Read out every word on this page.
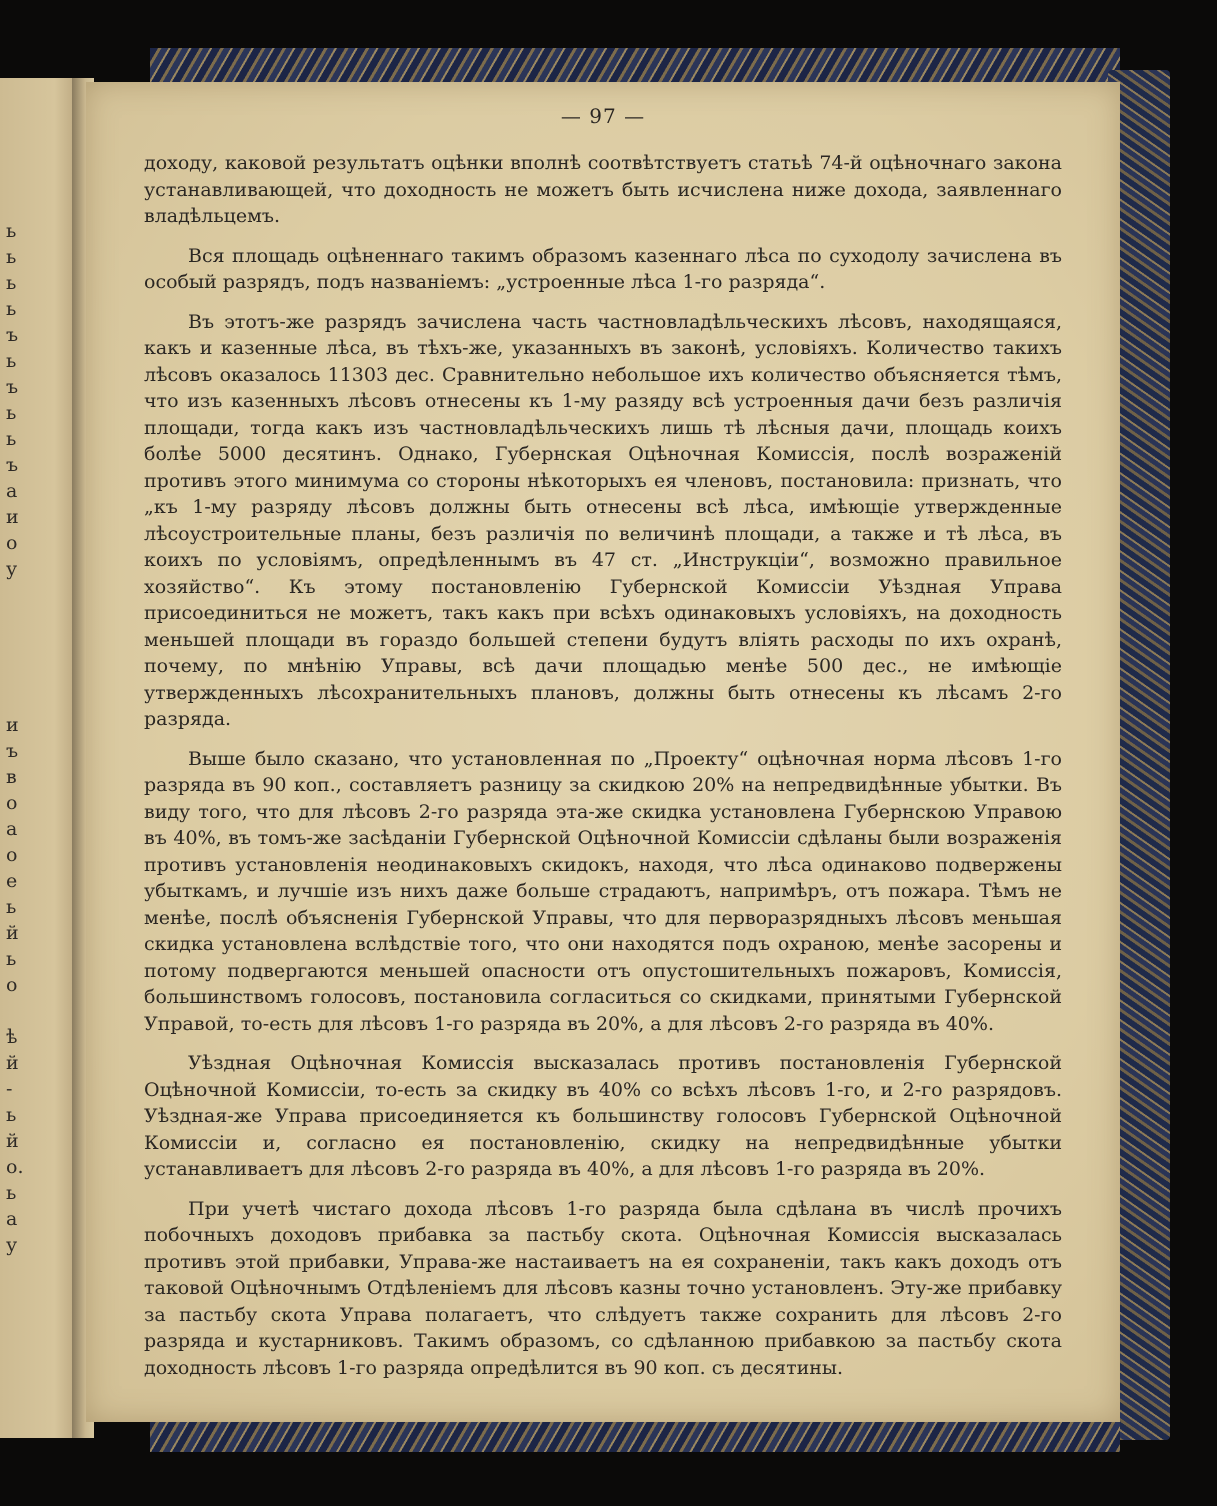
ь
ь
ь
ь
ъ
ь
ъ
ь
ь
ъ
а
и
о
у

и
ъ
в
о
а
о
е
ь
й
ь
о

ѣ
й
-
ь
й
о.
ь
а
у
— 97 —

доходу, каковой результатъ оцѣнки вполнѣ соотвѣтствуетъ статьѣ 74-й оцѣночнаго закона устанавливающей, что доходность не можетъ быть исчислена ниже дохода, заявленнаго владѣльцемъ.

Вся площадь оцѣненнаго такимъ образомъ казеннаго лѣса по суходолу зачислена въ особый разрядъ, подъ названіемъ: „устроенные лѣса 1-го разряда“.

Въ этотъ-же разрядъ зачислена часть частновладѣльческихъ лѣсовъ, находящаяся, какъ и казенные лѣса, въ тѣхъ-же, указанныхъ въ законѣ, условіяхъ. Количество такихъ лѣсовъ оказалось 11303 дес. Сравнительно небольшое ихъ количество объясняется тѣмъ, что изъ казенныхъ лѣсовъ отнесены къ 1-му разяду всѣ устроенныя дачи безъ различія площади, тогда какъ изъ частновладѣльческихъ лишь тѣ лѣсныя дачи, площадь коихъ болѣе 5000 десятинъ. Однако, Губернская Оцѣночная Комиссія, послѣ возраженій противъ этого минимума со стороны нѣкоторыхъ ея членовъ, постановила: признать, что „къ 1-му разряду лѣсовъ должны быть отнесены всѣ лѣса, имѣющіе утвержденные лѣсоустроительные планы, безъ различія по величинѣ площади, а также и тѣ лѣса, въ коихъ по условіямъ, опредѣленнымъ въ 47 ст. „Инструкціи“, возможно правильное хозяйство“. Къ этому постановленію Губернской Комиссіи Уѣздная Управа присоединиться не можетъ, такъ какъ при всѣхъ одинаковыхъ условіяхъ, на доходность меньшей площади въ гораздо большей степени будутъ вліять расходы по ихъ охранѣ, почему, по мнѣнію Управы, всѣ дачи площадью менѣе 500 дес., не имѣющіе утвержденныхъ лѣсохранительныхъ плановъ, должны быть отнесены къ лѣсамъ 2-го разряда.

Выше было сказано, что установленная по „Проекту“ оцѣночная норма лѣсовъ 1-го разряда въ 90 коп., составляетъ разницу за скидкою 20% на непредвидѣнные убытки. Въ виду того, что для лѣсовъ 2-го разряда эта-же скидка установлена Губернскою Управою въ 40%, въ томъ-же засѣданіи Губернской Оцѣночной Комиссіи сдѣланы были возраженія противъ установленія неодинаковыхъ скидокъ, находя, что лѣса одинаково подвержены убыткамъ, и лучшіе изъ нихъ даже больше страдаютъ, напримѣръ, отъ пожара. Тѣмъ не менѣе, послѣ объясненія Губернской Управы, что для перворазрядныхъ лѣсовъ меньшая скидка установлена вслѣдствіе того, что они находятся подъ охраною, менѣе засорены и потому подвергаются меньшей опасности отъ опустошительныхъ пожаровъ, Комиссія, большинствомъ голосовъ, постановила согласиться со скидками, принятыми Губернской Управой, то-есть для лѣсовъ 1-го разряда въ 20%, а для лѣсовъ 2-го разряда въ 40%.

Уѣздная Оцѣночная Комиссія высказалась противъ постановленія Губернской Оцѣночной Комиссіи, то-есть за скидку въ 40% со всѣхъ лѣсовъ 1-го, и 2-го разрядовъ. Уѣздная-же Управа присоединяется къ большинству голосовъ Губернской Оцѣночной Комиссіи и, согласно ея постановленію, скидку на непредвидѣнные убытки устанавливаетъ для лѣсовъ 2-го разряда въ 40%, а для лѣсовъ 1-го разряда въ 20%.

При учетѣ чистаго дохода лѣсовъ 1-го разряда была сдѣлана въ числѣ прочихъ побочныхъ доходовъ прибавка за пастьбу скота. Оцѣночная Комиссія высказалась противъ этой прибавки, Управа-же настаиваетъ на ея сохраненіи, такъ какъ доходъ отъ таковой Оцѣночнымъ Отдѣленіемъ для лѣсовъ казны точно установленъ. Эту-же прибавку за пастьбу скота Управа полагаетъ, что слѣдуетъ также сохранить для лѣсовъ 2-го разряда и кустарниковъ. Такимъ образомъ, со сдѣланною прибавкою за пастьбу скота доходность лѣсовъ 1-го разряда опредѣлится въ 90 коп. съ десятины.
